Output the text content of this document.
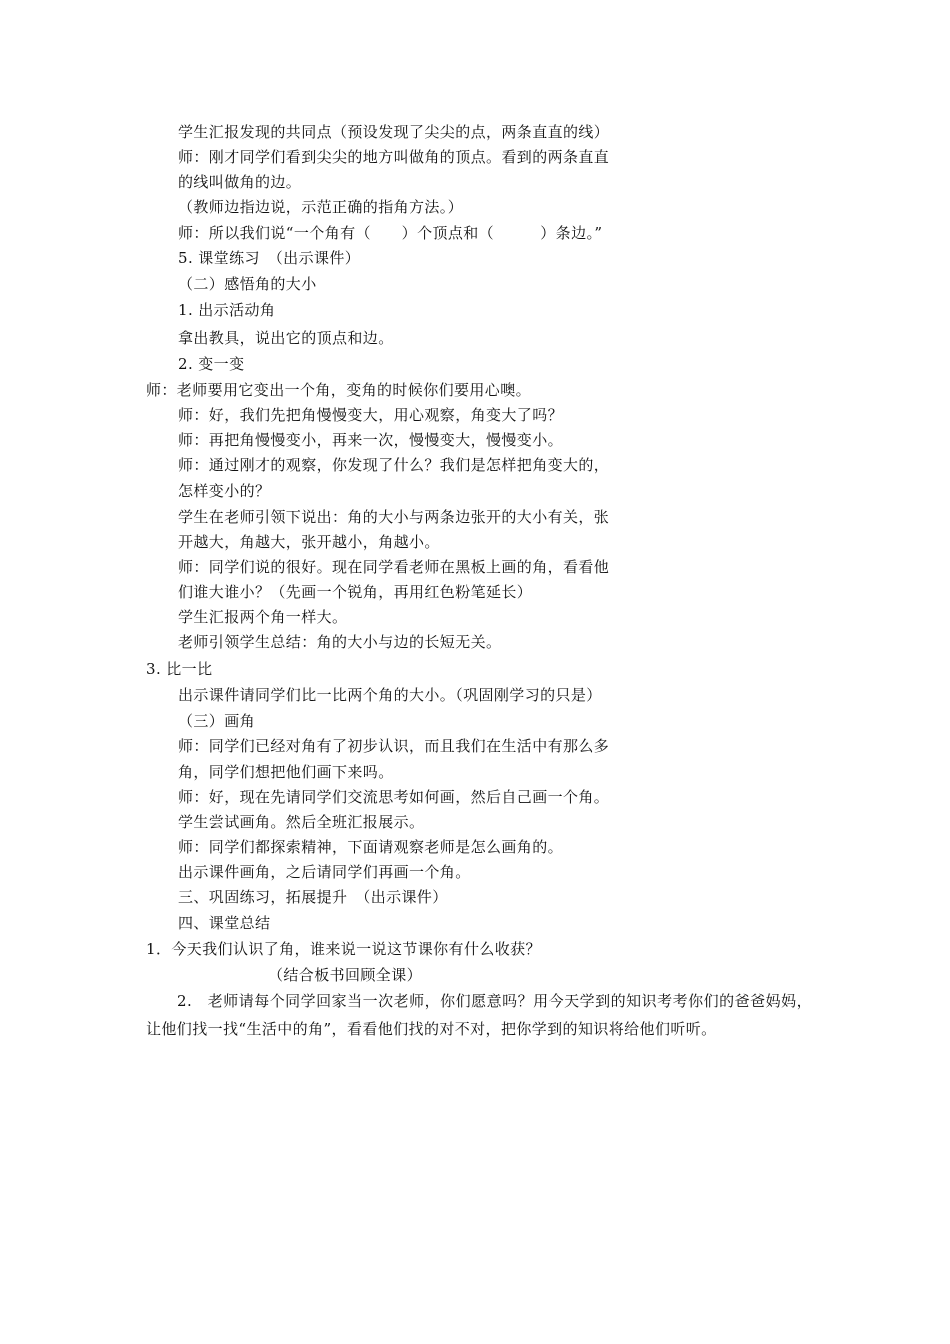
学生汇报发现的共同点（预设发现了尖尖的点，两条直直的线）
师：刚才同学们看到尖尖的地方叫做角的顶点。看到的两条直直
的线叫做角的边。
（教师边指边说，示范正确的指角方法。）
师：所以我们说“一个角有（　　）个顶点和（　　　）条边。”
5. 课堂练习　（出示课件）
（二）感悟角的大小
1. 出示活动角
拿出教具，说出它的顶点和边。
2. 变一变
师：老师要用它变出一个角，变角的时候你们要用心噢。
师：好，我们先把角慢慢变大，用心观察，角变大了吗？
师：再把角慢慢变小，再来一次，慢慢变大，慢慢变小。
师：通过刚才的观察，你发现了什么？我们是怎样把角变大的，
怎样变小的？
学生在老师引领下说出：角的大小与两条边张开的大小有关，张
开越大，角越大，张开越小，角越小。
师：同学们说的很好。现在同学看老师在黑板上画的角，看看他
们谁大谁小？（先画一个锐角，再用红色粉笔延长）
学生汇报两个角一样大。
老师引领学生总结：角的大小与边的长短无关。
3. 比一比
出示课件请同学们比一比两个角的大小。（巩固刚学习的只是）
（三）画角
师：同学们已经对角有了初步认识，而且我们在生活中有那么多
角，同学们想把他们画下来吗。
师：好，现在先请同学们交流思考如何画，然后自己画一个角。
学生尝试画角。然后全班汇报展示。
师：同学们都探索精神，下面请观察老师是怎么画角的。
出示课件画角，之后请同学们再画一个角。
三、巩固练习，拓展提升　（出示课件）
四、课堂总结
1．今天我们认识了角，谁来说一说这节课你有什么收获？
（结合板书回顾全课）
　　2.　老师请每个同学回家当一次老师，你们愿意吗？用今天学到的知识考考你们的爸爸妈妈，让他们找一找“生活中的角”，看看他们找的对不对，把你学到的知识将给他们听听。
